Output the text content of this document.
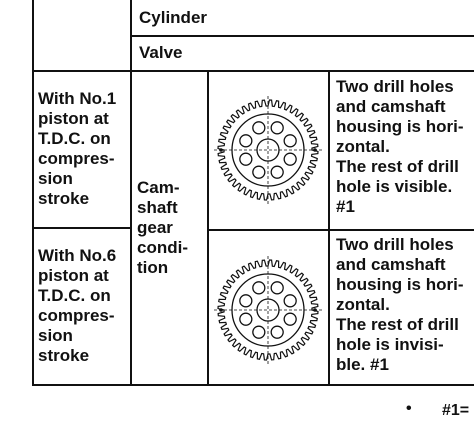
Cylinder
Valve
With No.1
piston at
T.D.C. on
compres-
sion
stroke
With No.6
piston at
T.D.C. on
compres-
sion
stroke
Cam-
shaft
gear
condi-
tion
Two drill holes
and camshaft
housing is hori-
zontal.
The rest of drill
hole is visible.
#1
Two drill holes
and camshaft
housing is hori-
zontal.
The rest of drill
hole is invisi-
ble. #1
• #1=
